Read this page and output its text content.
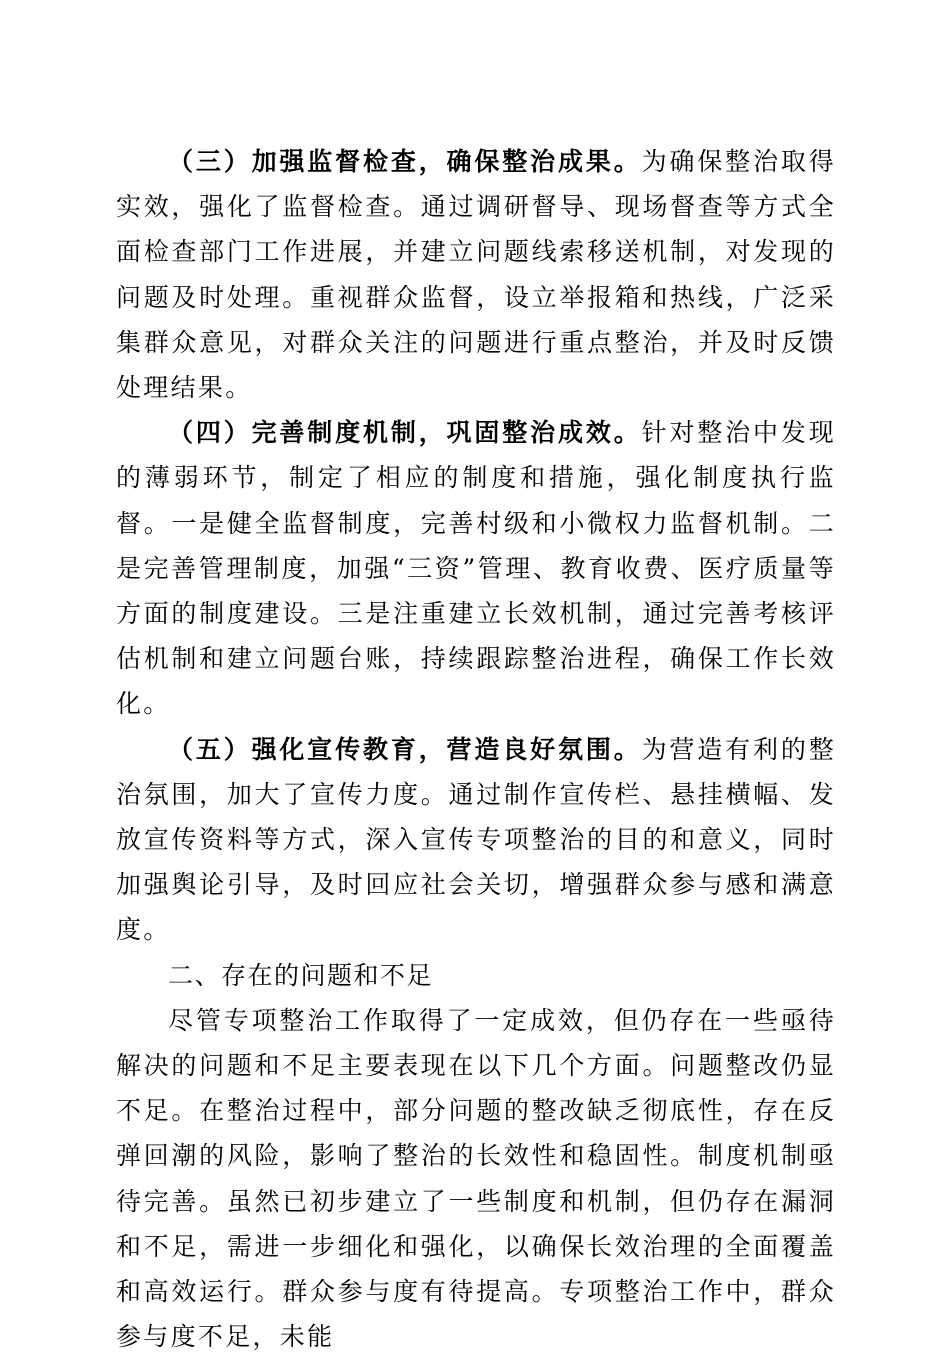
（三）加强监督检查，确保整治成果。为确保整治取得实效，强化了监督检查。通过调研督导、现场督查等方式全面检查部门工作进展，并建立问题线索移送机制，对发现的问题及时处理。重视群众监督，设立举报箱和热线，广泛采集群众意见，对群众关注的问题进行重点整治，并及时反馈处理结果。

（四）完善制度机制，巩固整治成效。针对整治中发现的薄弱环节，制定了相应的制度和措施，强化制度执行监督。一是健全监督制度，完善村级和小微权力监督机制。二是完善管理制度，加强“三资”管理、教育收费、医疗质量等方面的制度建设。三是注重建立长效机制，通过完善考核评估机制和建立问题台账，持续跟踪整治进程，确保工作长效化。

（五）强化宣传教育，营造良好氛围。为营造有利的整治氛围，加大了宣传力度。通过制作宣传栏、悬挂横幅、发放宣传资料等方式，深入宣传专项整治的目的和意义，同时加强舆论引导，及时回应社会关切，增强群众参与感和满意度。

二、存在的问题和不足

尽管专项整治工作取得了一定成效，但仍存在一些亟待解决的问题和不足主要表现在以下几个方面。问题整改仍显不足。在整治过程中，部分问题的整改缺乏彻底性，存在反弹回潮的风险，影响了整治的长效性和稳固性。制度机制亟待完善。虽然已初步建立了一些制度和机制，但仍存在漏洞和不足，需进一步细化和强化，以确保长效治理的全面覆盖和高效运行。群众参与度有待提高。专项整治工作中，群众参与度不足，未能
